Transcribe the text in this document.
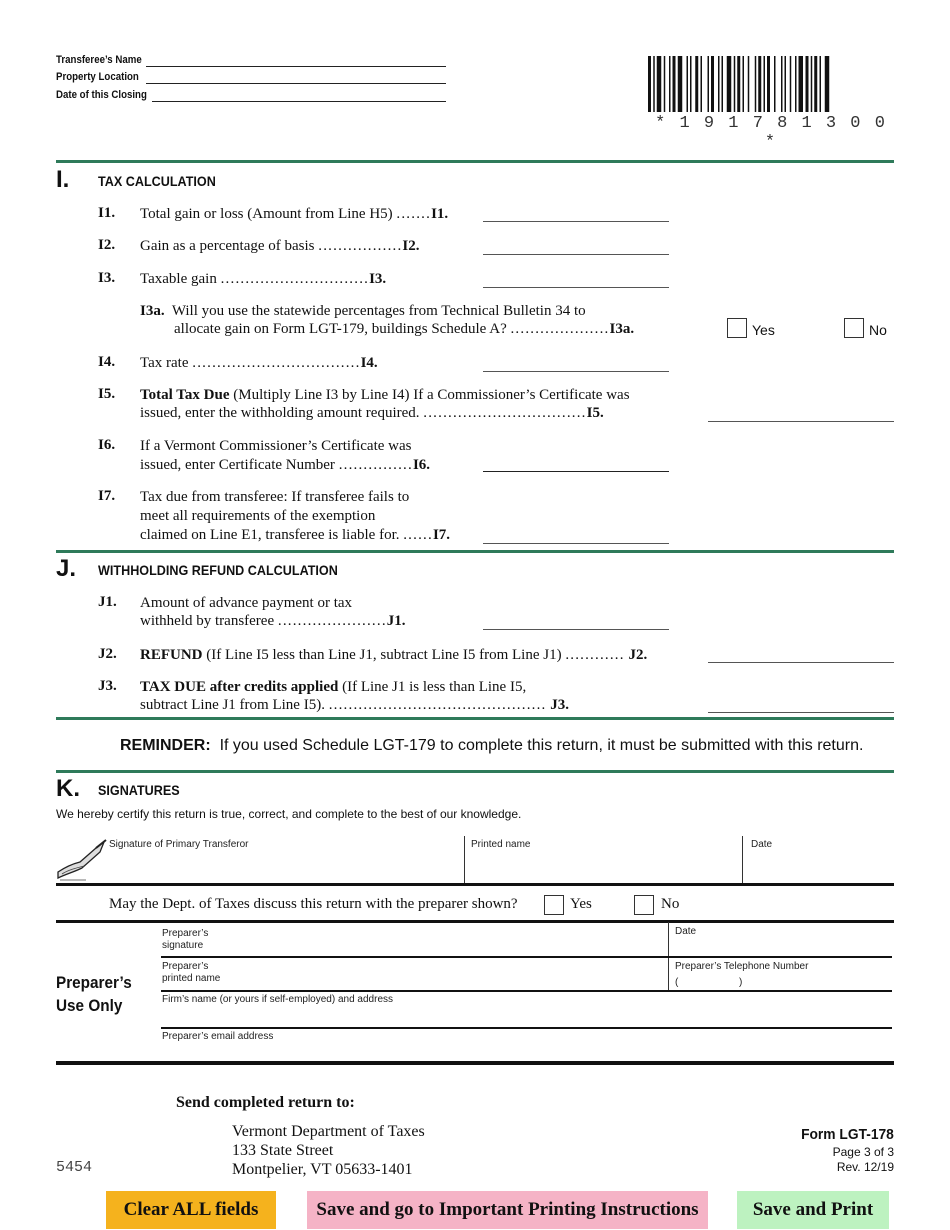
Transferee’s Name
Property Location
Date of this Closing
* 1 9 1 7 8 1 3 0 0 *
I. TAX CALCULATION
I1. Total gain or loss (Amount from Line H5) .......I1.
I2. Gain as a percentage of basis .................I2.
I3. Taxable gain ..............................I3.
I3a. Will you use the statewide percentages from Technical Bulletin 34 to
allocate gain on Form LGT-179, buildings Schedule A? ....................I3a.	Yes	No
I4. Tax rate ..................................I4.
I5. Total Tax Due (Multiply Line I3 by Line I4) If a Commissioner’s Certificate was
issued, enter the withholding amount required. .................................I5.
I6. If a Vermont Commissioner’s Certificate was
issued, enter Certificate Number ...............I6.
I7. Tax due from transferee: If transferee fails to
meet all requirements of the exemption
claimed on Line E1, transferee is liable for. ......I7.
J. WITHHOLDING REFUND CALCULATION
J1. Amount of advance payment or tax
withheld by transferee ......................J1.
J2. REFUND (If Line I5 less than Line J1, subtract Line I5 from Line J1) ............ J2.
J3. TAX DUE after credits applied (If Line J1 is less than Line I5,
subtract Line J1 from Line I5). ............................................ J3.
REMINDER: If you used Schedule LGT-179 to complete this return, it must be submitted with this return.
K. SIGNATURES
We hereby certify this return is true, correct, and complete to the best of our knowledge.
Signature of Primary Transferor	Printed name	Date
May the Dept. of Taxes discuss this return with the preparer shown?	Yes	No
Preparer’s
Use Only
Preparer’s
signature
Date
Preparer’s
printed name
Preparer’s Telephone Number
(	)
Firm’s name (or yours if self-employed) and address
Preparer’s email address
Send completed return to:
Vermont Department of Taxes
133 State Street
Montpelier, VT 05633-1401
5454
Form LGT-178
Page 3 of 3
Rev. 12/19
Clear ALL fields	Save and go to Important Printing Instructions	Save and Print
